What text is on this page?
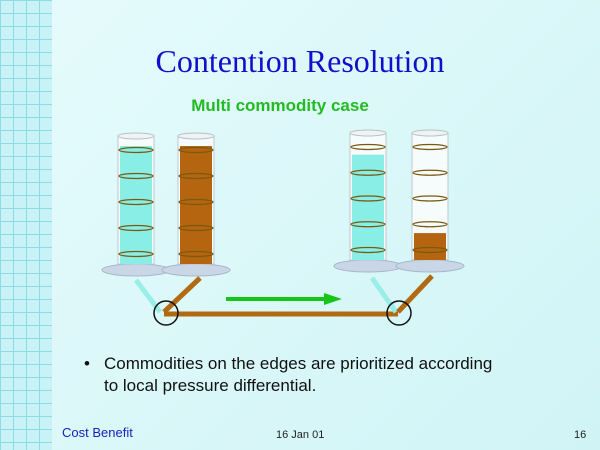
Contention Resolution
Multi commodity case
• Commodities on the edges are prioritized according to local pressure differential.
Cost Benefit	16 Jan 01	16
